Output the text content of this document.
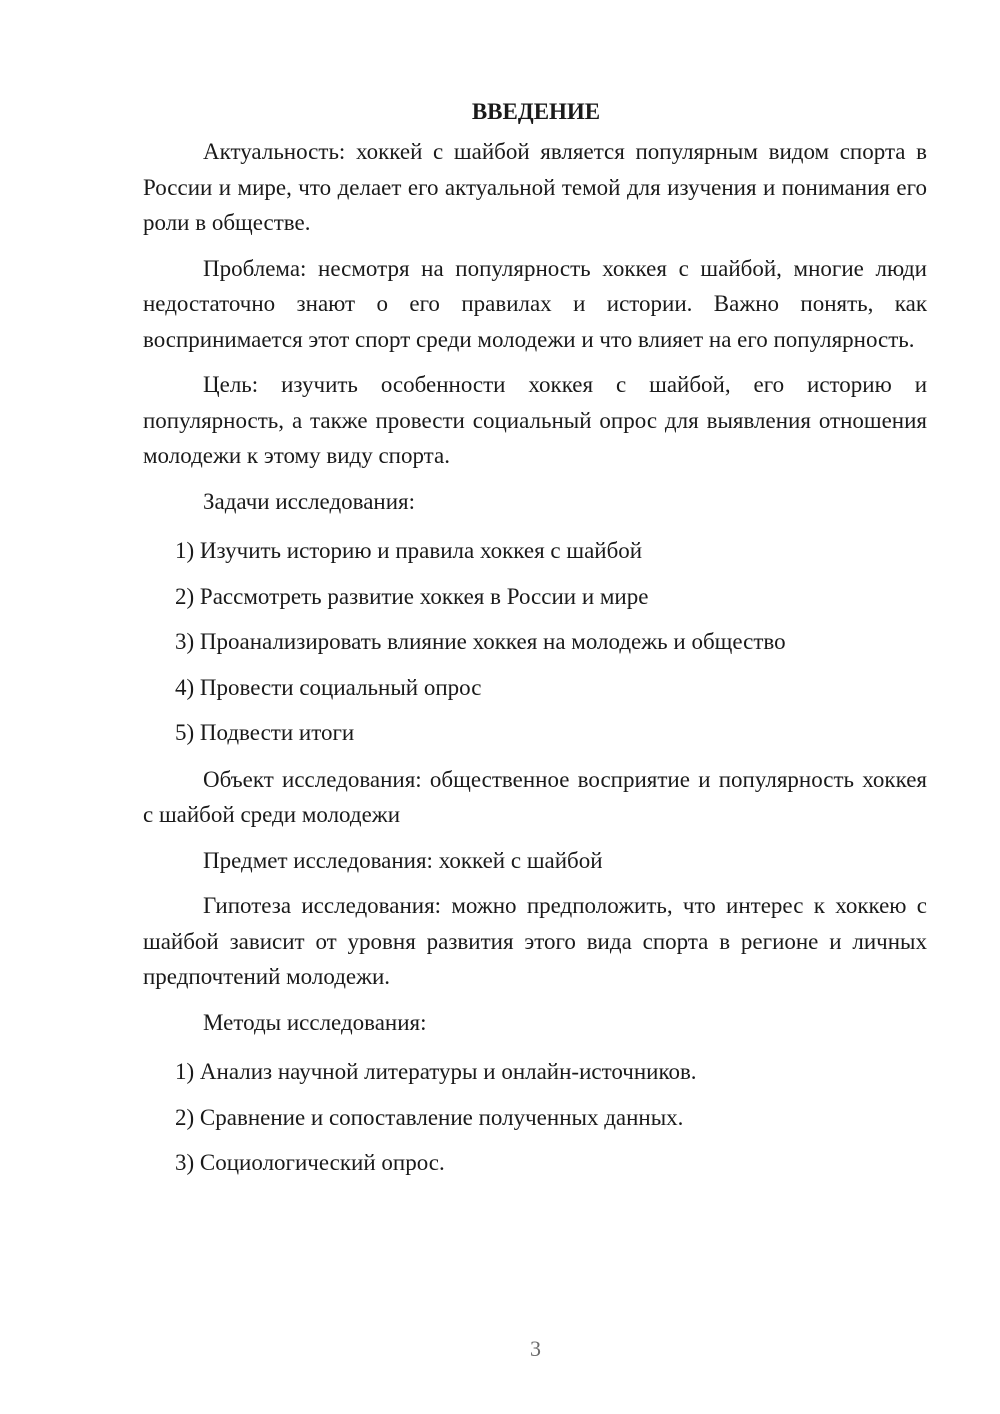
ВВЕДЕНИЕ

Актуальность: хоккей с шайбой является популярным видом спорта в России и мире, что делает его актуальной темой для изучения и понимания его роли в обществе.

Проблема: несмотря на популярность хоккея с шайбой, многие люди недостаточно знают о его правилах и истории. Важно понять, как воспринимается этот спорт среди молодежи и что влияет на его популярность.

Цель: изучить особенности хоккея с шайбой, его историю и популярность, а также провести социальный опрос для выявления отношения молодежи к этому виду спорта.

Задачи исследования:

1) Изучить историю и правила хоккея с шайбой

2) Рассмотреть развитие хоккея в России и мире

3) Проанализировать влияние хоккея на молодежь и общество

4) Провести социальный опрос

5) Подвести итоги

Объект исследования: общественное восприятие и популярность хоккея с шайбой среди молодежи

Предмет исследования: хоккей с шайбой

Гипотеза исследования: можно предположить, что интерес к хоккею с шайбой зависит от уровня развития этого вида спорта в регионе и личных предпочтений молодежи.

Методы исследования:

1) Анализ научной литературы и онлайн-источников.

2) Сравнение и сопоставление полученных данных.

3) Социологический опрос.

3
